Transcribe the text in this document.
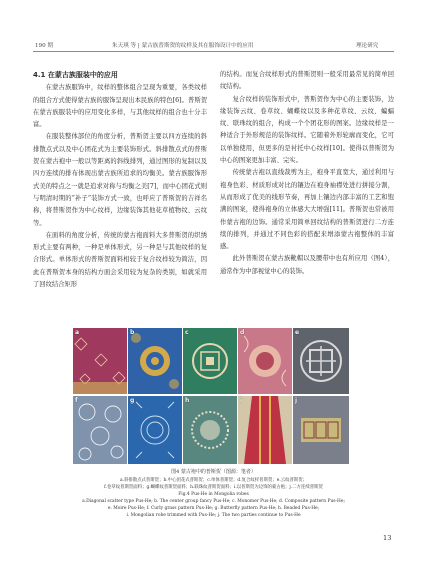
190 期	朱天琪 等 | 蒙古族普斯贺的纹样及其在服饰设计中的应用	理论研究

4.1 在蒙古族服装中的应用

在蒙古族服饰中，纹样的整体组合呈现为重要，各类纹样的组合方式使得蒙古族的服饰呈现出本民族的特色[6]。普斯贺在蒙古族服装中的应用变化多样，与其他纹样的组合也十分丰富。

在服装整体部位的角度分析，普斯贺主要以四方连续的斜排散点式以及中心团花式为主要装饰形式。斜排散点式的普斯贺在蒙古袍中一般以等距离的斜线排列，通过图形的复制以及四方连续的排布体现出蒙古族所追求的均衡美。蒙古族服饰形式美的特点之一就是追求对称与均衡之美[7]，而中心团花式则与明清时期的“补子”装饰方式一致，也呼应了普斯贺的吉祥名称，将普斯贺作为中心纹样，边缘装饰其他花草植物纹、云纹等。

在面料的角度分析，传统的蒙古袍面料大多普斯贺的织绣形式主要有两种，一种是单体形式，另一种是与其他纹样的复合形式。单体形式的普斯贺面料相较于复合纹样较为简洁，因此在普斯贺本身的结构方面会采用较为复杂的类别，如就采用了回纹结合矩形

的结构。而复合纹样形式的普斯贺则一般采用最常见的简单回纹结构。

复合纹样的装饰形式中，普斯贺作为中心的主要装饰，边缘装饰云纹、卷草纹、蝴蝶纹以及多种花草纹、云纹、蝙蝠纹、联珠纹的组合，构成一个个团花形的图案。边缘纹样是一种适合于外形规范的装饰纹样。它随着外形轮廓而变化，它可以单独使用，但更多的是衬托中心纹样[10]。使得以普斯贺为中心的图案更加丰富、完实。

传统蒙古袍以直线裁剪为主，袍身平直宽大，通过利用与袍身色彩、材质形成对比的镶边在袍身袖襟处进行拼接分割，从而形成了优美的线形节奏，再加上镶边内部丰富的工艺和饱满的图案，使得袍身的立体感大大增强[11]。普斯贺也常被用作蒙古袍的边饰。通常采用简单回纹结构的普斯贺进行二方连续的排列，并通过不同色彩的搭配来增添蒙古袍整体的丰富感。

此外普斯贺在蒙古族靴帽以及腰带中也有所应用（图4），通常作为中部视觉中心的装饰。

a	b	c	d	e
f	g	h	i	j
图4 蒙古袍中的普斯贺（图源：笔者）
a.斜排散点式普斯贺；b.中心团花式普斯贺；c.单体普斯贺；d.复合纹样普斯贺；e.云纹普斯贺；
f.卷草纹普斯贺面料；g.蝴蝶纹普斯贺面料；h.联珠纹普斯贺面料；i.以普斯贺为边饰的蒙古袍；j.二方连续普斯贺
Fig.4 Pus-He in Mongolia robes
a.Diagonal scatter type Pus-He; b. The center group fancy Pus-He; c. Monomer Pus-He; d. Composite pattern Pus-He;
e. Moire Pus-He; f. Curly grass pattern Pus-He; g. Butterfly pattern Pus-He; h. Beaded Pus-He;
i. Mongolian robe trimmed with Pus-He; j. The two parties continue to Pus-He
13
